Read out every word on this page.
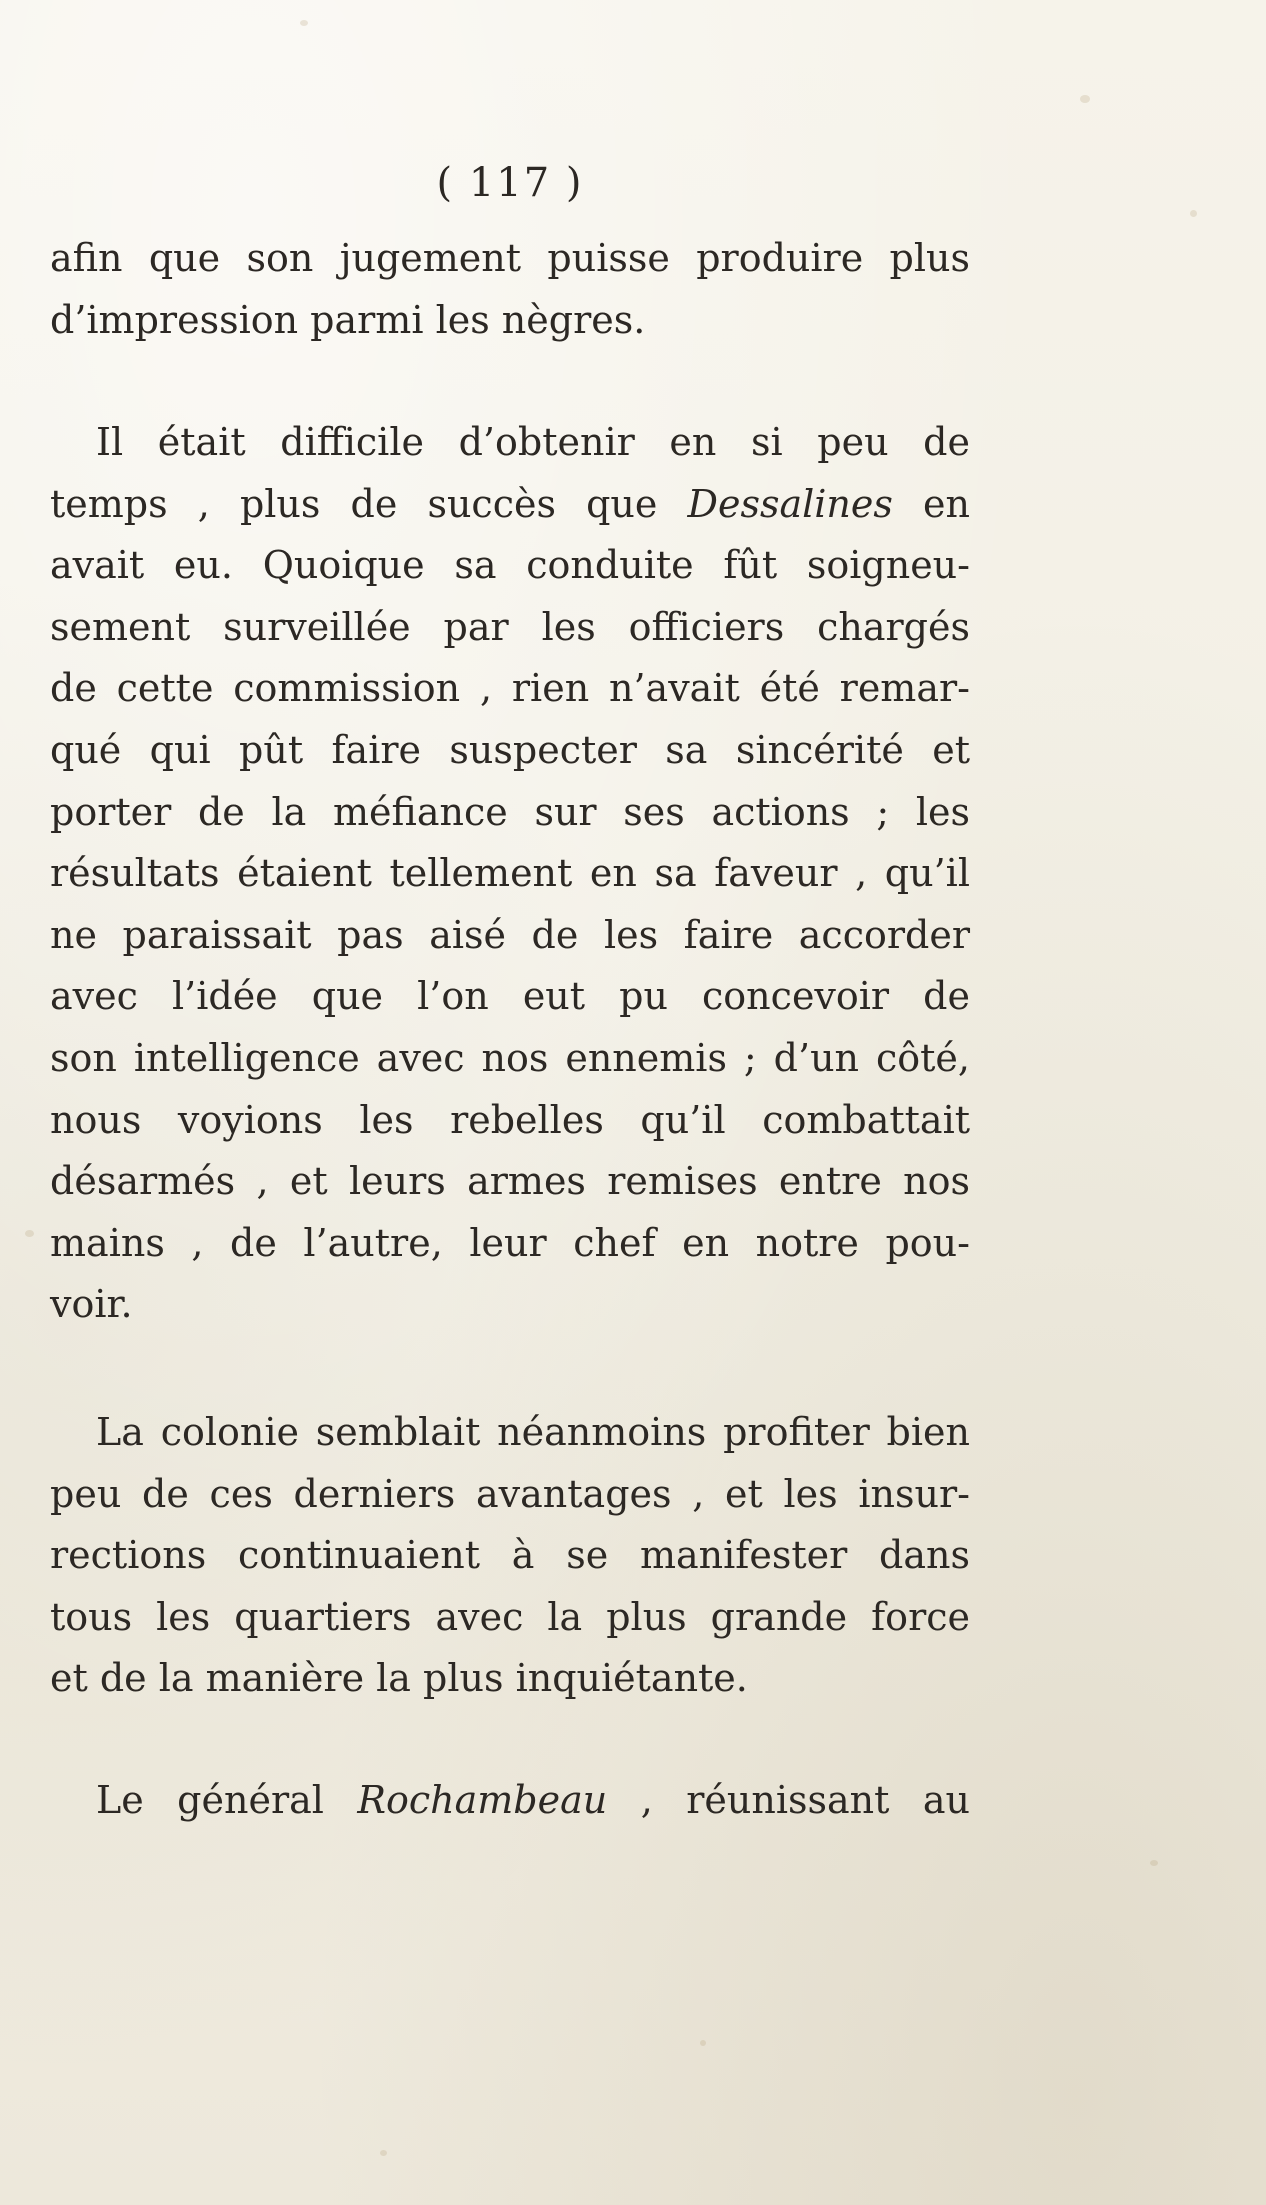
( 117 )
afin que son jugement puisse produire plus
d’impression parmi les nègres.
Il était difficile d’obtenir en si peu de
temps , plus de succès que Dessalines en
avait eu. Quoique sa conduite fût soigneu-
sement surveillée par les officiers chargés
de cette commission , rien n’avait été remar-
qué qui pût faire suspecter sa sincérité et
porter de la méfiance sur ses actions ; les
résultats étaient tellement en sa faveur , qu’il
ne paraissait pas aisé de les faire accorder
avec l’idée que l’on eut pu concevoir de
son intelligence avec nos ennemis ; d’un côté,
nous voyions les rebelles qu’il combattait
désarmés , et leurs armes remises entre nos
mains , de l’autre, leur chef en notre pou-
voir.
La colonie semblait néanmoins profiter bien
peu de ces derniers avantages , et les insur-
rections continuaient à se manifester dans
tous les quartiers avec la plus grande force
et de la manière la plus inquiétante.
Le général Rochambeau , réunissant au
